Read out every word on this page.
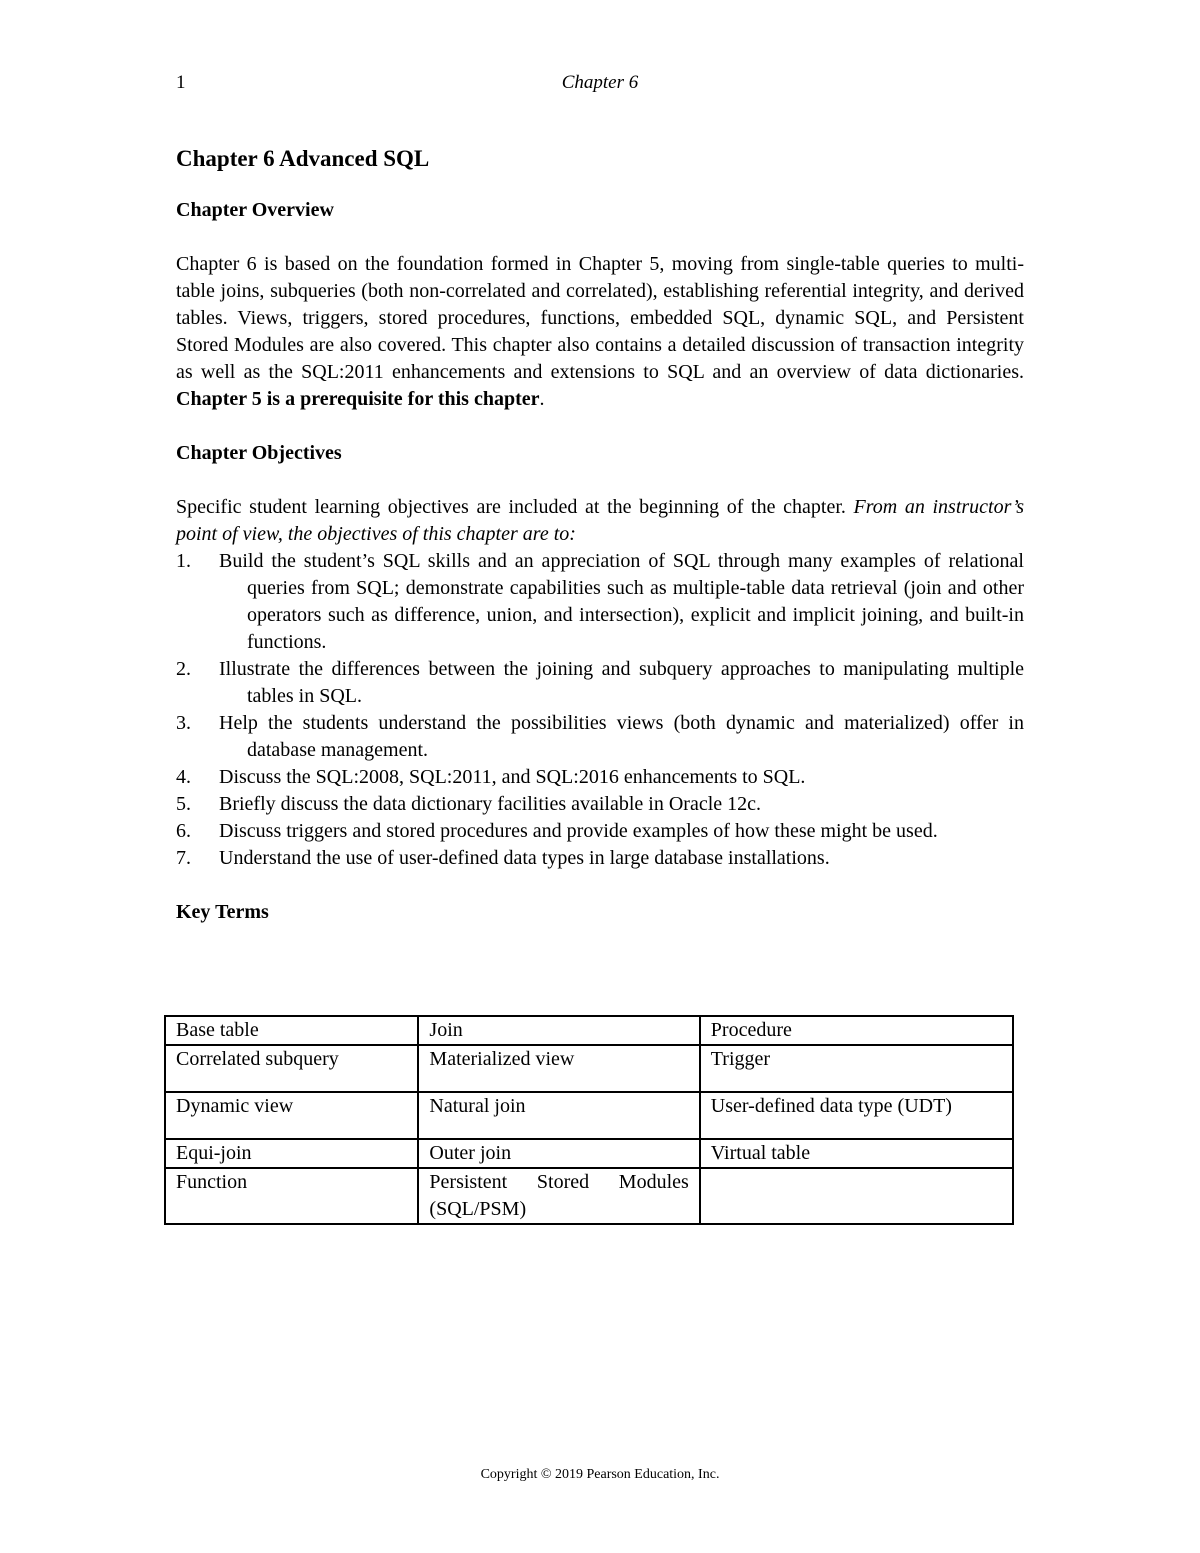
1	Chapter 6
Chapter 6 Advanced SQL
Chapter Overview

Chapter 6 is based on the foundation formed in Chapter 5, moving from single-table queries to multi-table joins, subqueries (both non-correlated and correlated), establishing referential integrity, and derived tables. Views, triggers, stored procedures, functions, embedded SQL, dynamic SQL, and Persistent Stored Modules are also covered. This chapter also contains a detailed discussion of transaction integrity as well as the SQL:2011 enhancements and extensions to SQL and an overview of data dictionaries. Chapter 5 is a prerequisite for this chapter.

Chapter Objectives

Specific student learning objectives are included at the beginning of the chapter. From an instructor’s point of view, the objectives of this chapter are to:

1. Build the student’s SQL skills and an appreciation of SQL through many examples of relational queries from SQL; demonstrate capabilities such as multiple-table data retrieval (join and other operators such as difference, union, and intersection), explicit and implicit joining, and built-in functions.
2. Illustrate the differences between the joining and subquery approaches to manipulating multiple tables in SQL.
3. Help the students understand the possibilities views (both dynamic and materialized) offer in database management.
4. Discuss the SQL:2008, SQL:2011, and SQL:2016 enhancements to SQL.
5. Briefly discuss the data dictionary facilities available in Oracle 12c.
6. Discuss triggers and stored procedures and provide examples of how these might be used.
7. Understand the use of user-defined data types in large database installations.
Key Terms
Base table	Join	Procedure
Correlated subquery	Materialized view	Trigger
Dynamic view	Natural join	User-defined data type (UDT)
Equi-join	Outer join	Virtual table
Function	Persistent Stored Modules (SQL/PSM)	
Copyright © 2019 Pearson Education, Inc.
